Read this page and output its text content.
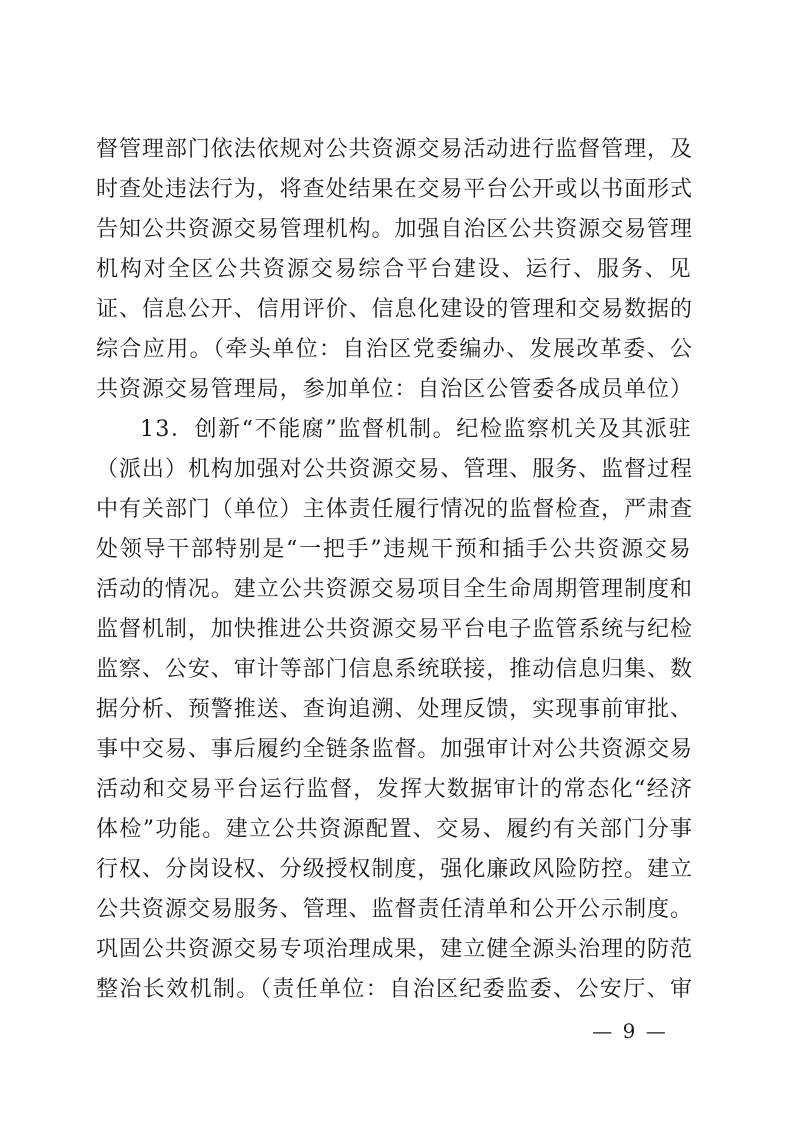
督管理部门依法依规对公共资源交易活动进行监督管理，及
时查处违法行为，将查处结果在交易平台公开或以书面形式
告知公共资源交易管理机构。加强自治区公共资源交易管理
机构对全区公共资源交易综合平台建设、运行、服务、见
证、信息公开、信用评价、信息化建设的管理和交易数据的
综合应用。（牵头单位：自治区党委编办、发展改革委、公
共资源交易管理局，参加单位：自治区公管委各成员单位）
13．创新“不能腐”监督机制。纪检监察机关及其派驻
（派出）机构加强对公共资源交易、管理、服务、监督过程
中有关部门（单位）主体责任履行情况的监督检查，严肃查
处领导干部特别是“一把手”违规干预和插手公共资源交易
活动的情况。建立公共资源交易项目全生命周期管理制度和
监督机制，加快推进公共资源交易平台电子监管系统与纪检
监察、公安、审计等部门信息系统联接，推动信息归集、数
据分析、预警推送、查询追溯、处理反馈，实现事前审批、
事中交易、事后履约全链条监督。加强审计对公共资源交易
活动和交易平台运行监督，发挥大数据审计的常态化“经济
体检”功能。建立公共资源配置、交易、履约有关部门分事
行权、分岗设权、分级授权制度，强化廉政风险防控。建立
公共资源交易服务、管理、监督责任清单和公开公示制度。
巩固公共资源交易专项治理成果，建立健全源头治理的防范
整治长效机制。（责任单位：自治区纪委监委、公安厅、审
— 9 —
